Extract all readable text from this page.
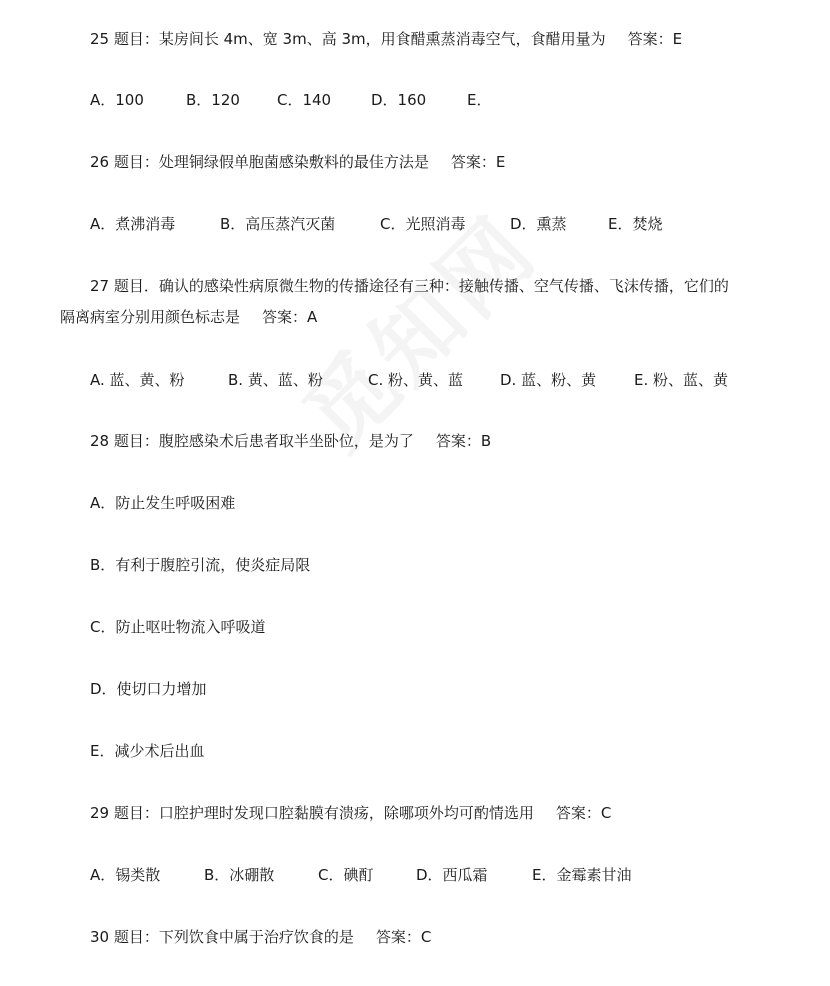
25 题目：某房间长 4m、宽 3m、高 3m，用食醋熏蒸消毒空气，食醋用量为 答案：E
A．100	B．120 C．140	D．160	E．
26 题目：处理铜绿假单胞菌感染敷料的最佳方法是 答案：E
A．煮沸消毒	B．高压蒸汽灭菌	C．光照消毒	D．熏蒸	E．焚烧
27 题目．确认的感染性病原微生物的传播途径有三种：接触传播、空气传播、飞沫传播，它们的
隔离病室分别用颜色标志是 答案：A
A. 蓝、黄、粉	B. 黄、蓝、粉	C. 粉、黄、蓝 D. 蓝、粉、黄	E. 粉、蓝、黄
28 题目：腹腔感染术后患者取半坐卧位，是为了 答案：B
A．防止发生呼吸困难
B．有利于腹腔引流，使炎症局限
C．防止呕吐物流入呼吸道
D．使切口力增加
E．减少术后出血
29 题目：口腔护理时发现口腔黏膜有溃疡，除哪项外均可酌情选用 答案：C
A．锡类散	B．冰硼散	C．碘酊	D．西瓜霜	E．金霉素甘油
30 题目：下列饮食中属于治疗饮食的是 答案：C
